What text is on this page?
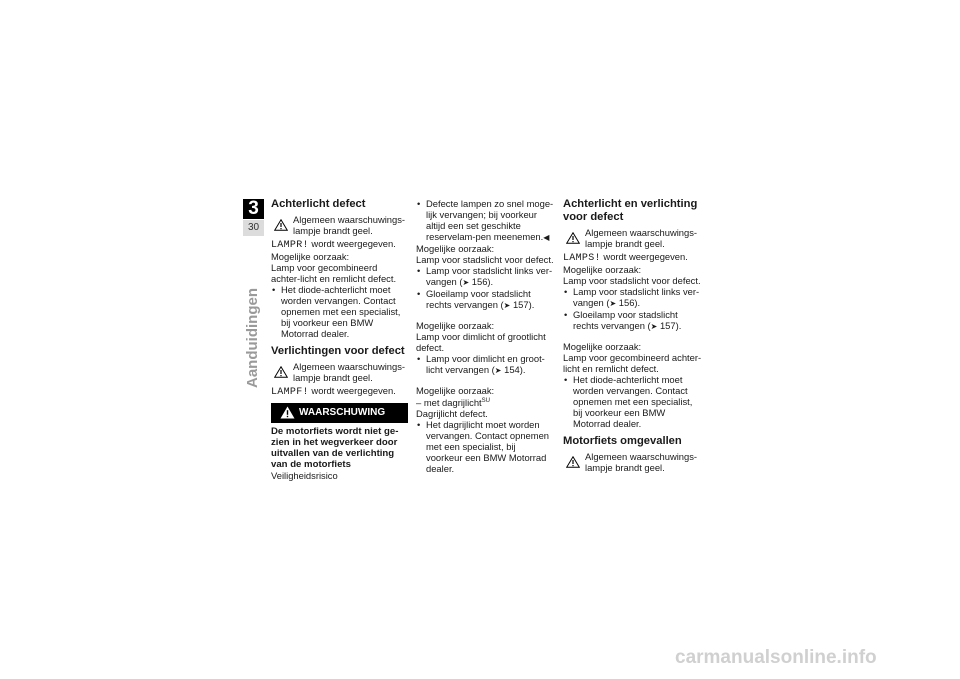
3
30
Aanduidingen
Achterlicht defect
Algemeen waarschuwings-lampje brandt geel.

LAMPR! wordt weergegeven.

Mogelijke oorzaak:

Lamp voor gecombineerd achter-licht en remlicht defect.

• Het diode-achterlicht moet worden vervangen. Contact opnemen met een specialist, bij voorkeur een BMW Motorrad dealer.
Verlichtingen voor defect
Algemeen waarschuwings-lampje brandt geel.

LAMPF! wordt weergegeven.

WAARSCHUWING

De motorfiets wordt niet ge-zien in het wegverkeer door uitvallen van de verlichting van de motorfiets

Veiligheidsrisico

• Defecte lampen zo snel moge-lijk vervangen; bij voorkeur altijd een set geschikte reservelam-pen meenemen.◀

Mogelijke oorzaak:

Lamp voor stadslicht voor defect.

• Lamp voor stadslicht links ver-vangen (➤ 156).
• Gloeilamp voor stadslicht rechts vervangen (➤ 157).

Mogelijke oorzaak:

Lamp voor dimlicht of grootlicht defect.

• Lamp voor dimlicht en groot-licht vervangen (➤ 154).

Mogelijke oorzaak:

– met dagrijlicht$^{SU}$

Dagrijlicht defect.

• Het dagrijlicht moet worden vervangen. Contact opnemen met een specialist, bij voorkeur een BMW Motorrad dealer.
Achterlicht en verlichting voor defect
Algemeen waarschuwings-lampje brandt geel.

LAMPS! wordt weergegeven.

Mogelijke oorzaak:

Lamp voor stadslicht voor defect.

• Lamp voor stadslicht links ver-vangen (➤ 156).
• Gloeilamp voor stadslicht rechts vervangen (➤ 157).

Mogelijke oorzaak:

Lamp voor gecombineerd achter-licht en remlicht defect.

• Het diode-achterlicht moet worden vervangen. Contact opnemen met een specialist, bij voorkeur een BMW Motorrad dealer.
Motorfiets omgevallen
Algemeen waarschuwings-lampje brandt geel.
carmanualsonline.info
